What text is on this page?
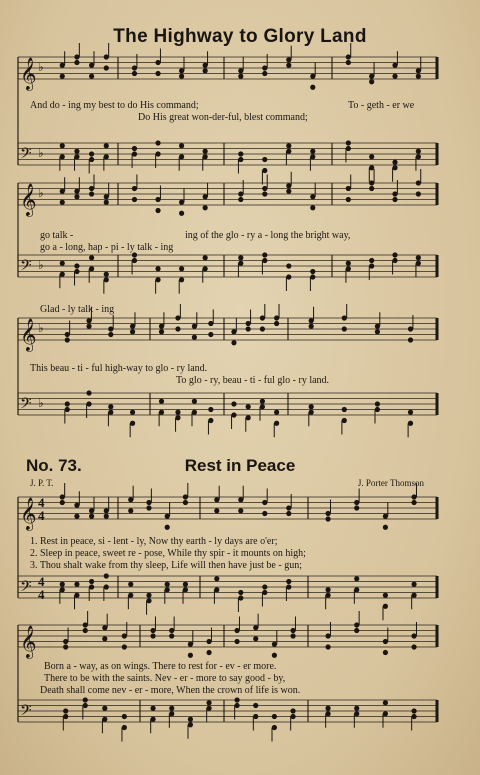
𝄞 ♭
𝄢 ♭
𝄞 ♭
𝄢 ♭
𝄞 ♭
𝄢 ♭
𝄞 4
4
𝄢 4
4
𝄞
𝄢
The Highway to Glory Land
And do - ing my best to do His command;	To - geth - er we
Do His great won-der-ful, blest command;
go talk -	ing of the glo - ry a - long the bright way,
go a - long, hap - pi - ly talk - ing
Glad - ly talk - ing
This beau - ti - ful high-way to glo - ry land.
To glo - ry, beau - ti - ful glo - ry land.
No. 73.	Rest in Peace
J. P. T.	J. Porter Thomson
1. Rest in peace, si - lent - ly, Now thy earth - ly days are o'er;
2. Sleep in peace, sweet re - pose, While thy spir - it mounts on high;
3. Thou shalt wake from thy sleep, Life will then have just be - gun;
Born a - way, as on wings. There to rest for - ev - er more.
There to be with the saints. Nev - er - more to say good - by,
Death shall come nev - er - more, When the crown of life is won.
